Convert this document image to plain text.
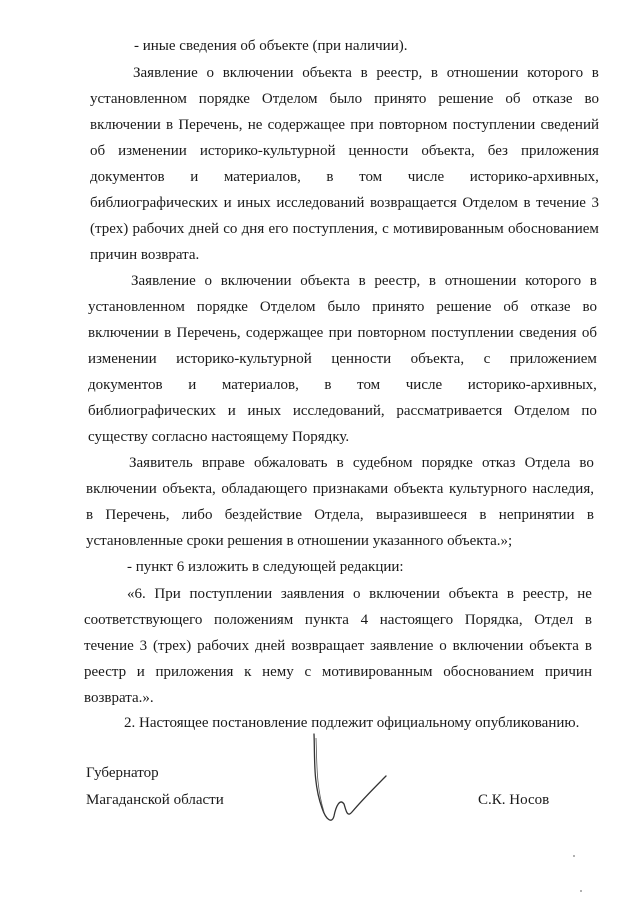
- иные сведения об объекте (при наличии).
Заявление о включении объекта в реестр, в отношении которого в
установленном порядке Отделом было принято решение об отказе во
включении в Перечень, не содержащее при повторном поступлении сведений
об изменении историко-культурной ценности объекта, без приложения
документов и материалов, в том числе историко-архивных,
библиографических и иных исследований возвращается Отделом в течение 3
(трех) рабочих дней со дня его поступления, с мотивированным обоснованием
причин возврата.
Заявление о включении объекта в реестр, в отношении которого в
установленном порядке Отделом было принято решение об отказе во
включении в Перечень, содержащее при повторном поступлении сведения об
изменении историко-культурной ценности объекта, с приложением
документов и материалов, в том числе историко-архивных,
библиографических и иных исследований, рассматривается Отделом по
существу согласно настоящему Порядку.
Заявитель вправе обжаловать в судебном порядке отказ Отдела во
включении объекта, обладающего признаками объекта культурного наследия,
в Перечень, либо бездействие Отдела, выразившееся в непринятии в
установленные сроки решения в отношении указанного объекта.»;
- пункт 6 изложить в следующей редакции:
«6. При поступлении заявления о включении объекта в реестр, не
соответствующего положениям пункта 4 настоящего Порядка, Отдел в
течение 3 (трех) рабочих дней возвращает заявление о включении объекта в
реестр и приложения к нему с мотивированным обоснованием причин
возврата.».
2. Настоящее постановление подлежит официальному опубликованию.
Губернатор
Магаданской области	С.К. Носов
